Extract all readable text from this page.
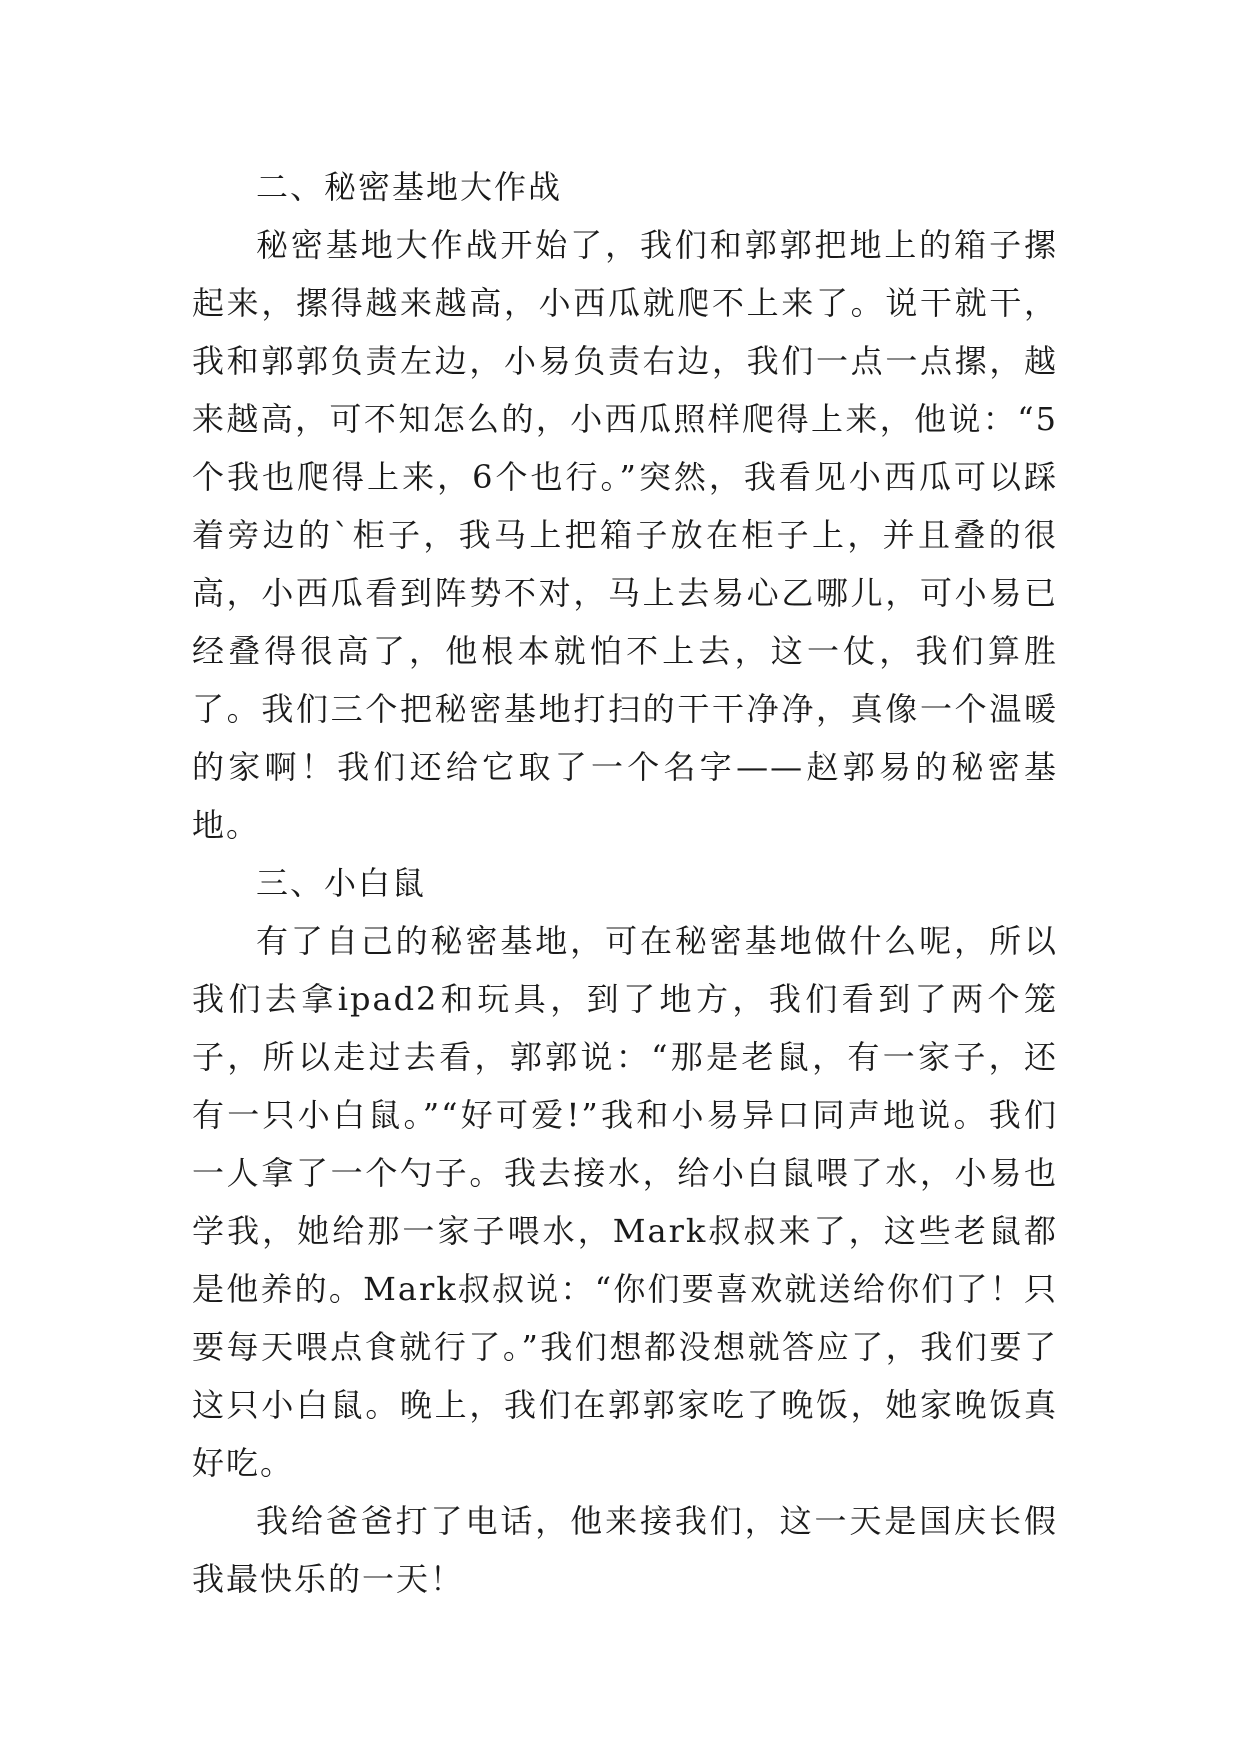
二、秘密基地大作战

秘密基地大作战开始了，我们和郭郭把地上的箱子摞起来，摞得越来越高，小西瓜就爬不上来了。说干就干，我和郭郭负责左边，小易负责右边，我们一点一点摞，越来越高，可不知怎么的，小西瓜照样爬得上来，他说：“5个我也爬得上来，6个也行。”突然，我看见小西瓜可以踩着旁边的`柜子，我马上把箱子放在柜子上，并且叠的很高，小西瓜看到阵势不对，马上去易心乙哪儿，可小易已经叠得很高了，他根本就怕不上去，这一仗，我们算胜了。我们三个把秘密基地打扫的干干净净，真像一个温暖的家啊！我们还给它取了一个名字——赵郭易的秘密基地。

三、小白鼠

有了自己的秘密基地，可在秘密基地做什么呢，所以我们去拿ipad2和玩具，到了地方，我们看到了两个笼子，所以走过去看，郭郭说：“那是老鼠，有一家子，还有一只小白鼠。”“好可爱!”我和小易异口同声地说。我们一人拿了一个勺子。我去接水，给小白鼠喂了水，小易也学我，她给那一家子喂水，Mark叔叔来了，这些老鼠都是他养的。Mark叔叔说：“你们要喜欢就送给你们了！只要每天喂点食就行了。”我们想都没想就答应了，我们要了这只小白鼠。晚上，我们在郭郭家吃了晚饭，她家晚饭真好吃。

我给爸爸打了电话，他来接我们，这一天是国庆长假我最快乐的一天！
